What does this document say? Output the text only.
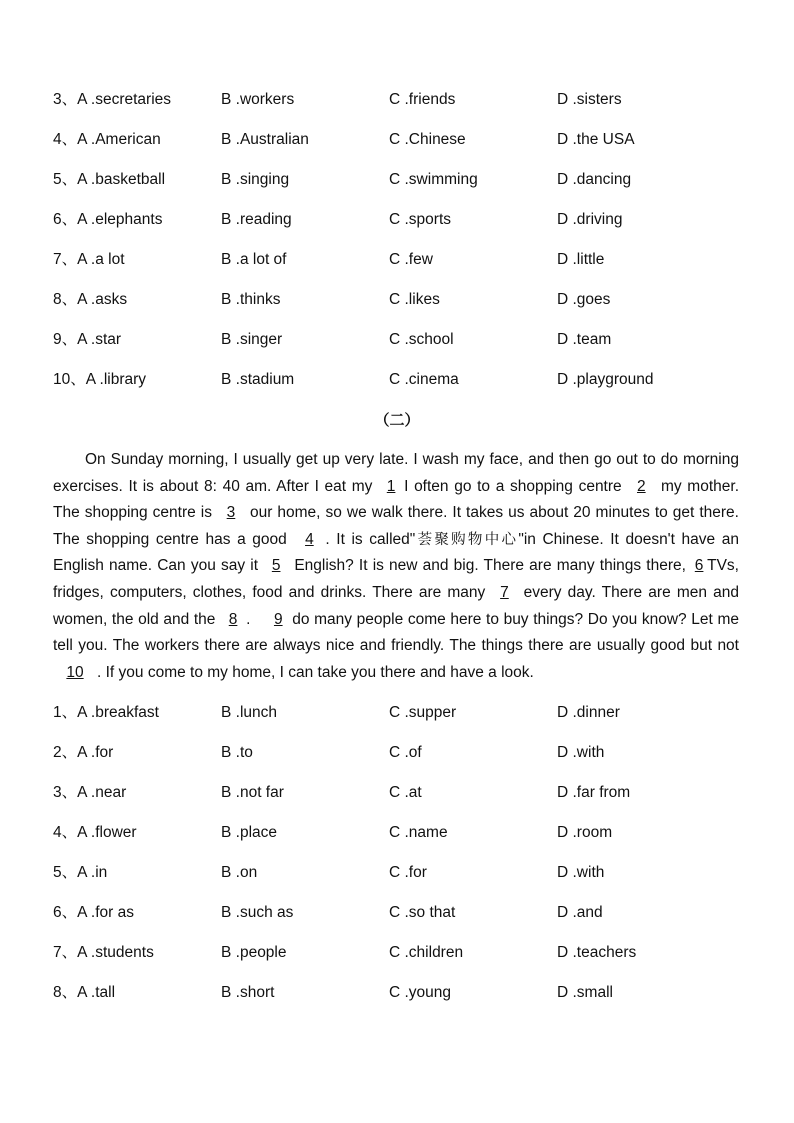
3、A .secretaries	B .workers	C .friends	D .sisters
4、A .American	B .Australian	C .Chinese	D .the USA
5、A .basketball	B .singing	C .swimming	D .dancing
6、A .elephants	B .reading	C .sports	D .driving
7、A .a lot	B .a lot of	C .few	D .little
8、A .asks	B .thinks	C .likes	D .goes
9、A .star	B .singer	C .school	D .team
10、A .library	B .stadium	C .cinema	D .playground
（二）
On Sunday morning, I usually get up very late. I wash my face, and then go out to do morning exercises. It is about 8: 40 am. After I eat my 1 I often go to a shopping centre 2 my mother. The shopping centre is 3 our home, so we walk there. It takes us about 20 minutes to get there. The shopping centre has a good 4 . It is called"荟聚购物中心"in Chinese. It doesn't have an English name. Can you say it 5 English? It is new and big. There are many things there, 6 TVs, fridges, computers, clothes, food and drinks. There are many 7 every day. There are men and women, the old and the 8 .   9 do many people come here to buy things? Do you know? Let me tell you. The workers there are always nice and friendly. The things there are usually good but not 10 . If you come to my home, I can take you there and have a look.
1、A .breakfast	B .lunch	C .supper	D .dinner
2、A .for	B .to	C .of	D .with
3、A .near	B .not far	C .at	D .far from
4、A .flower	B .place	C .name	D .room
5、A .in	B .on	C .for	D .with
6、A .for as	B .such as	C .so that	D .and
7、A .students	B .people	C .children	D .teachers
8、A .tall	B .short	C .young	D .small
